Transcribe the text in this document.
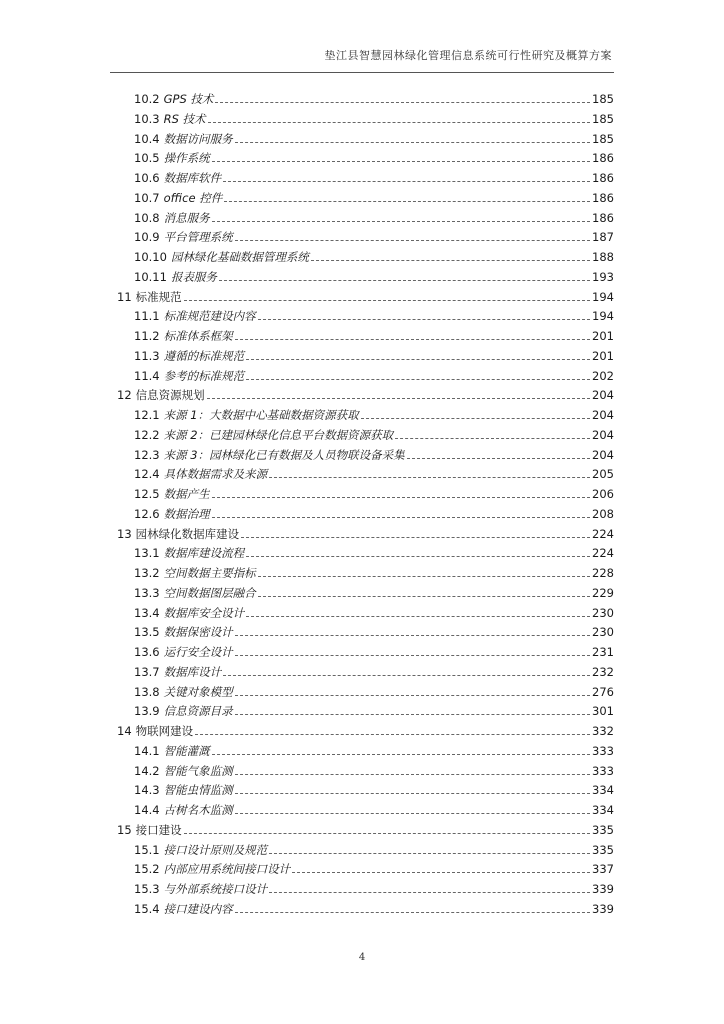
垫江县智慧园林绿化管理信息系统可行性研究及概算方案
10.2 GPS 技术	185
10.3 RS 技术	185
10.4 数据访问服务	185
10.5 操作系统	186
10.6 数据库软件	186
10.7 office 控件	186
10.8 消息服务	186
10.9 平台管理系统	187
10.10 园林绿化基础数据管理系统	188
10.11 报表服务	193
11 标准规范	194
11.1 标准规范建设内容	194
11.2 标准体系框架	201
11.3 遵循的标准规范	201
11.4 参考的标准规范	202
12 信息资源规划	204
12.1 来源 1：大数据中心基础数据资源获取	204
12.2 来源 2：已建园林绿化信息平台数据资源获取	204
12.3 来源 3：园林绿化已有数据及人员物联设备采集	204
12.4 具体数据需求及来源	205
12.5 数据产生	206
12.6 数据治理	208
13 园林绿化数据库建设	224
13.1 数据库建设流程	224
13.2 空间数据主要指标	228
13.3 空间数据图层融合	229
13.4 数据库安全设计	230
13.5 数据保密设计	230
13.6 运行安全设计	231
13.7 数据库设计	232
13.8 关键对象模型	276
13.9 信息资源目录	301
14 物联网建设	332
14.1 智能灌溉	333
14.2 智能气象监测	333
14.3 智能虫情监测	334
14.4 古树名木监测	334
15 接口建设	335
15.1 接口设计原则及规范	335
15.2 内部应用系统间接口设计	337
15.3 与外部系统接口设计	339
15.4 接口建设内容	339
4
